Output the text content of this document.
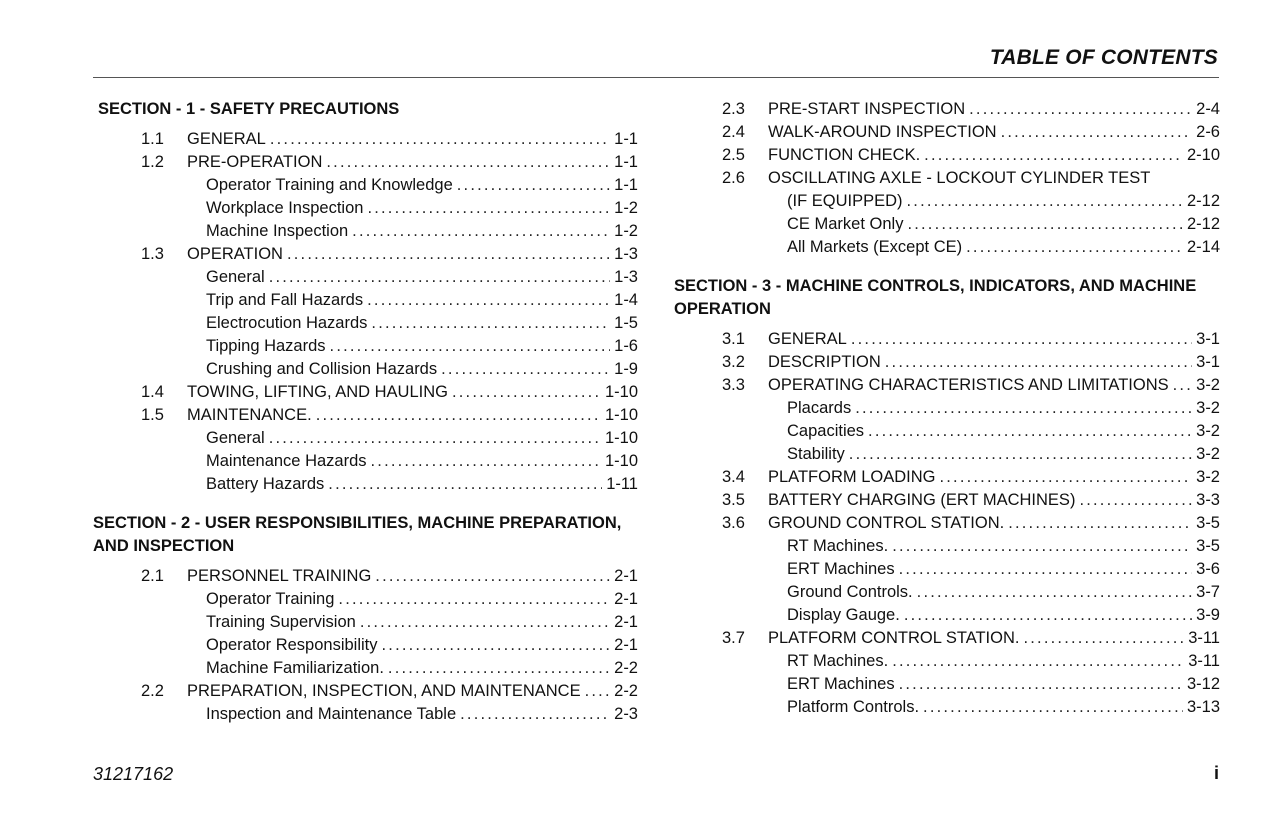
TABLE OF CONTENTS
SECTION - 1 - SAFETY PRECAUTIONS
1.1	GENERAL .....	1-1
1.2	PRE-OPERATION .....	1-1
Operator Training and Knowledge .....	1-1
Workplace Inspection .....	1-2
Machine Inspection .....	1-2
1.3	OPERATION .....	1-3
General .....	1-3
Trip and Fall Hazards .....	1-4
Electrocution Hazards .....	1-5
Tipping Hazards .....	1-6
Crushing and Collision Hazards .....	1-9
1.4	TOWING, LIFTING, AND HAULING .....	1-10
1.5	MAINTENANCE. .....	1-10
General .....	1-10
Maintenance Hazards .....	1-10
Battery Hazards .....	1-11
SECTION - 2 - USER RESPONSIBILITIES, MACHINE PREPARATION,
AND INSPECTION
2.1	PERSONNEL TRAINING .....	2-1
Operator Training .....	2-1
Training Supervision .....	2-1
Operator Responsibility .....	2-1
Machine Familiarization. .....	2-2
2.2	PREPARATION, INSPECTION, AND MAINTENANCE ..... 2-2
Inspection and Maintenance Table .....	2-3
2.3	PRE-START INSPECTION .....	2-4
2.4	WALK-AROUND INSPECTION .....	2-6
2.5	FUNCTION CHECK. .....	2-10
2.6	OSCILLATING AXLE - LOCKOUT CYLINDER TEST
(IF EQUIPPED) .....	2-12
CE Market Only .....	2-12
All Markets (Except CE) .....	2-14
SECTION - 3 - MACHINE CONTROLS, INDICATORS, AND MACHINE
OPERATION
3.1	GENERAL .....	3-1
3.2	DESCRIPTION .....	3-1
3.3	OPERATING CHARACTERISTICS AND LIMITATIONS ..... 3-2
Placards .....	3-2
Capacities .....	3-2
Stability .....	3-2
3.4	PLATFORM LOADING .....	3-2
3.5	BATTERY CHARGING (ERT MACHINES) .....	3-3
3.6	GROUND CONTROL STATION. .....	3-5
RT Machines. .....	3-5
ERT Machines .....	3-6
Ground Controls. .....	3-7
Display Gauge. .....	3-9
3.7	PLATFORM CONTROL STATION. .....	3-11
RT Machines. .....	3-11
ERT Machines .....	3-12
Platform Controls. .....	3-13
31217162	i
